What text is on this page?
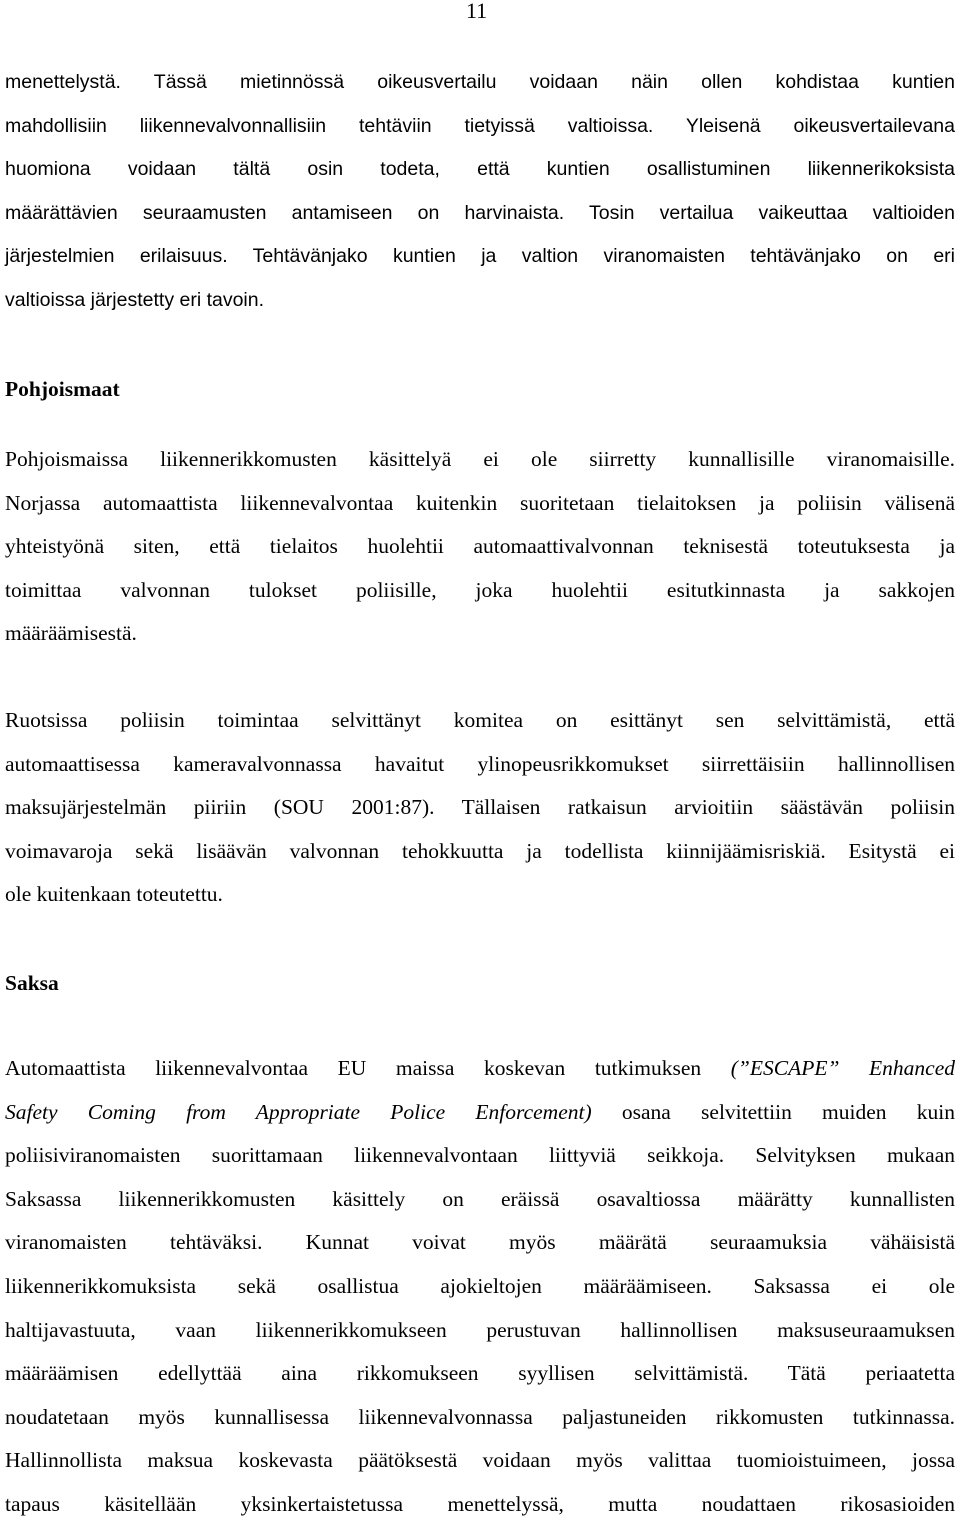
11
menettelystä. Tässä mietinnössä oikeusvertailu voidaan näin ollen kohdistaa kuntien
mahdollisiin liikennevalvonnallisiin tehtäviin tietyissä valtioissa. Yleisenä oikeusvertailevana
huomiona voidaan tältä osin todeta, että kuntien osallistuminen liikennerikoksista
määrättävien seuraamusten antamiseen on harvinaista. Tosin vertailua vaikeuttaa valtioiden
järjestelmien erilaisuus. Tehtävänjako kuntien ja valtion viranomaisten tehtävänjako on eri
valtioissa järjestetty eri tavoin.
Pohjoismaat
Pohjoismaissa liikennerikkomusten käsittelyä ei ole siirretty kunnallisille viranomaisille.
Norjassa automaattista liikennevalvontaa kuitenkin suoritetaan tielaitoksen ja poliisin välisenä
yhteistyönä siten, että tielaitos huolehtii automaattivalvonnan teknisestä toteutuksesta ja
toimittaa valvonnan tulokset poliisille, joka huolehtii esitutkinnasta ja sakkojen
määräämisestä.
Ruotsissa poliisin toimintaa selvittänyt komitea on esittänyt sen selvittämistä, että
automaattisessa kameravalvonnassa havaitut ylinopeusrikkomukset siirrettäisiin hallinnollisen
maksujärjestelmän piiriin (SOU 2001:87). Tällaisen ratkaisun arvioitiin säästävän poliisin
voimavaroja sekä lisäävän valvonnan tehokkuutta ja todellista kiinnijäämisriskiä. Esitystä ei
ole kuitenkaan toteutettu.
Saksa
Automaattista liikennevalvontaa EU maissa koskevan tutkimuksen (”ESCAPE” Enhanced
Safety Coming from Appropriate Police Enforcement) osana selvitettiin muiden kuin
poliisiviranomaisten suorittamaan liikennevalvontaan liittyviä seikkoja. Selvityksen mukaan
Saksassa liikennerikkomusten käsittely on eräissä osavaltiossa määrätty kunnallisten
viranomaisten tehtäväksi. Kunnat voivat myös määrätä seuraamuksia vähäisistä
liikennerikkomuksista sekä osallistua ajokieltojen määräämiseen. Saksassa ei ole
haltijavastuuta, vaan liikennerikkomukseen perustuvan hallinnollisen maksuseuraamuksen
määräämisen edellyttää aina rikkomukseen syyllisen selvittämistä. Tätä periaatetta
noudatetaan myös kunnallisessa liikennevalvonnassa paljastuneiden rikkomusten tutkinnassa.
Hallinnollista maksua koskevasta päätöksestä voidaan myös valittaa tuomioistuimeen, jossa
tapaus käsitellään yksinkertaistetussa menettelyssä, mutta noudattaen rikosasioiden
